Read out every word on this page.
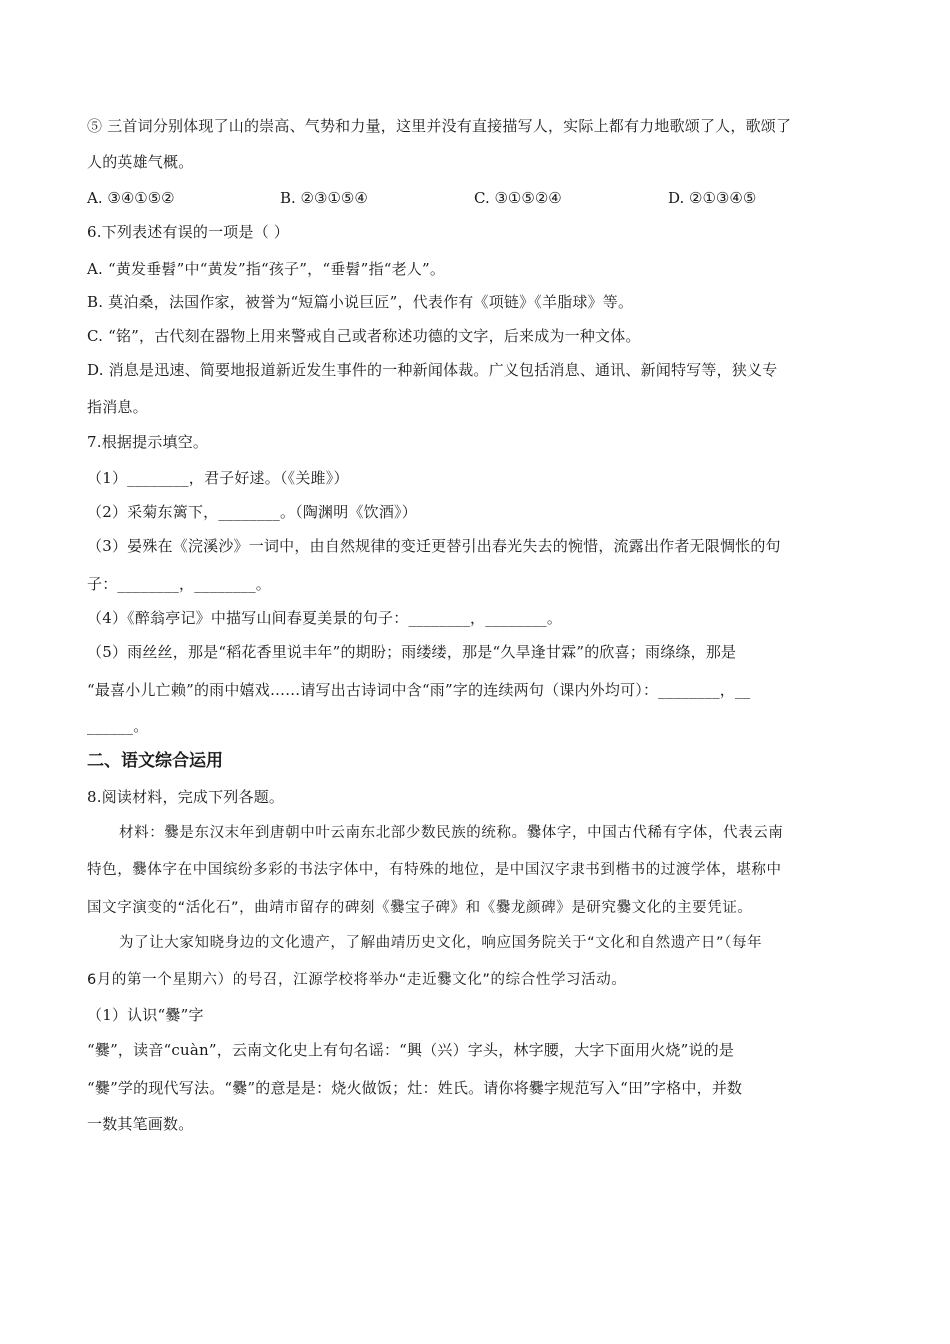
⑤ 三首词分别体现了山的崇高、气势和力量，这里并没有直接描写人，实际上都有力地歌颂了人，歌颂了
人的英雄气概。
A. ③④①⑤②	B. ②③①⑤④	C. ③①⑤②④	D. ②①③④⑤
6.下列表述有误的一项是（ ）
A. “黄发垂髫”中“黄发”指“孩子”，“垂髫”指“老人”。
B. 莫泊桑，法国作家，被誉为“短篇小说巨匠”，代表作有《项链》《羊脂球》等。
C. “铭”，古代刻在器物上用来警戒自己或者称述功德的文字，后来成为一种文体。
D. 消息是迅速、简要地报道新近发生事件的一种新闻体裁。广义包括消息、通讯、新闻特写等，狭义专
指消息。
7.根据提示填空。
（1）________，君子好逑。（《关雎》）
（2）采菊东篱下，________。（陶渊明《饮酒》）
（3）晏殊在《浣溪沙》一词中，由自然规律的变迁更替引出春光失去的惋惜，流露出作者无限惆怅的句
子：________，________。
（4）《醉翁亭记》中描写山间春夏美景的句子：________，________。
（5）雨丝丝，那是“稻花香里说丰年”的期盼；雨缕缕，那是“久旱逢甘霖”的欣喜；雨绦绦，那是
“最喜小儿亡赖”的雨中嬉戏……请写出古诗词中含“雨”字的连续两句（课内外均可）：________，__
______。
二、语文综合运用
8.阅读材料，完成下列各题。
材料：爨是东汉末年到唐朝中叶云南东北部少数民族的统称。爨体字，中国古代稀有字体，代表云南
特色，爨体字在中国缤纷多彩的书法字体中，有特殊的地位，是中国汉字隶书到楷书的过渡学体，堪称中
国文字演变的“活化石”，曲靖市留存的碑刻《爨宝子碑》和《爨龙颜碑》是研究爨文化的主要凭证。
为了让大家知晓身边的文化遗产，了解曲靖历史文化，响应国务院关于“文化和自然遗产日”（每年
6月的第一个星期六）的号召，江源学校将举办“走近爨文化”的综合性学习活动。
（1）认识“爨”字
“爨”，读音“cuàn”，云南文化史上有句名谣：“興（兴）字头，林字腰，大字下面用火烧”说的是
“爨”学的现代写法。“爨”的意是是：烧火做饭；灶：姓氏。请你将爨字规范写入“田”字格中，并数
一数其笔画数。
